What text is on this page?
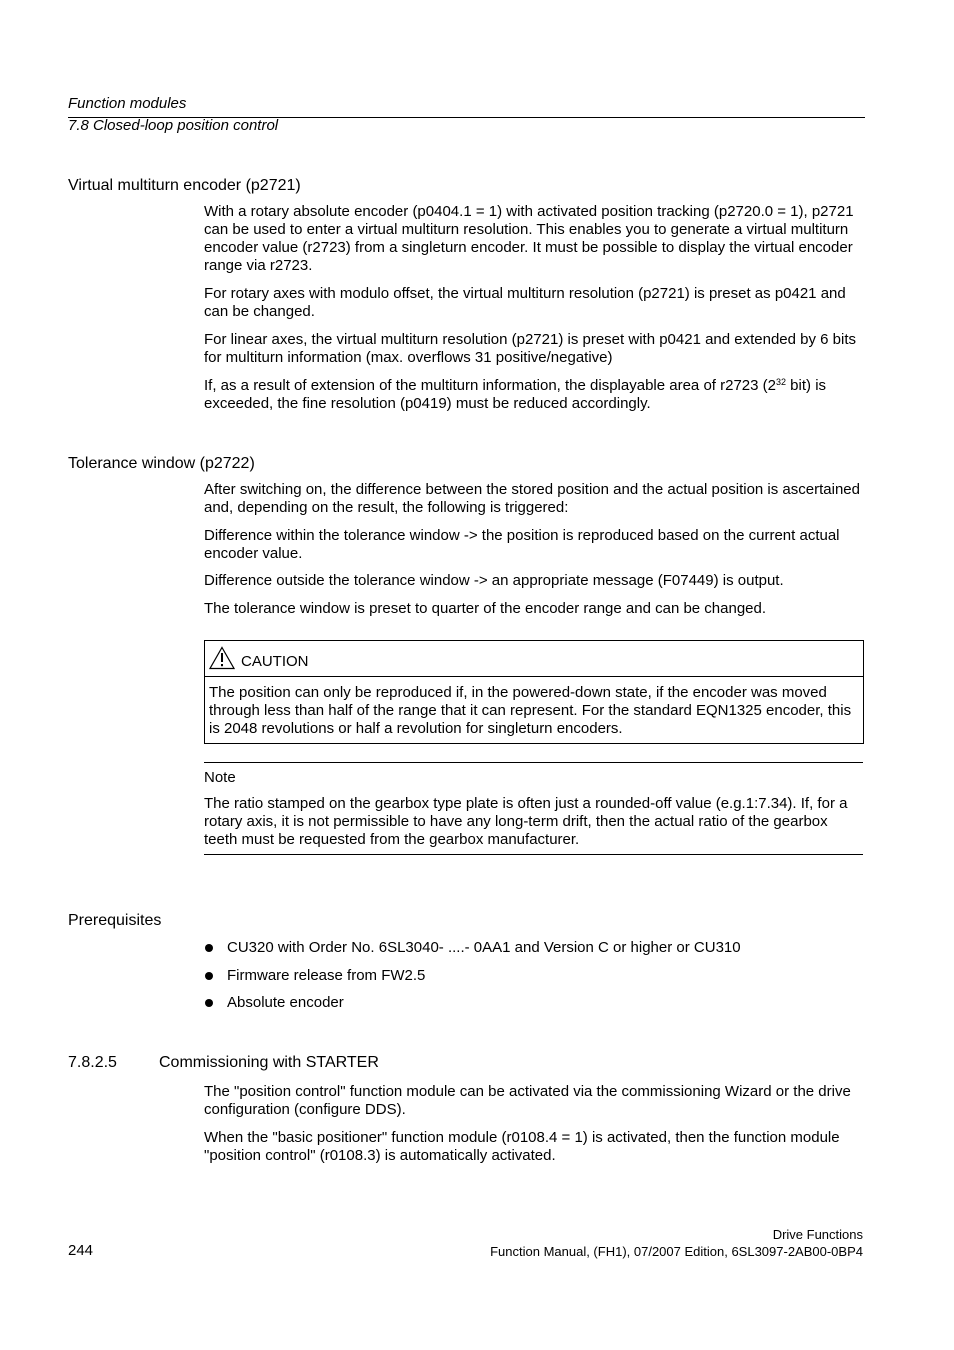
Function modules
7.8 Closed-loop position control
Virtual multiturn encoder (p2721)

With a rotary absolute encoder (p0404.1 = 1) with activated position tracking (p2720.0 = 1), p2721 can be used to enter a virtual multiturn resolution. This enables you to generate a virtual multiturn encoder value (r2723) from a singleturn encoder. It must be possible to display the virtual encoder range via r2723.

For rotary axes with modulo offset, the virtual multiturn resolution (p2721) is preset as p0421 and can be changed.

For linear axes, the virtual multiturn resolution (p2721) is preset with p0421 and extended by 6 bits for multiturn information (max. overflows 31 positive/negative)

If, as a result of extension of the multiturn information, the displayable area of r2723 ($2^{32}$ bit) is exceeded, the fine resolution (p0419) must be reduced accordingly.

Tolerance window (p2722)

After switching on, the difference between the stored position and the actual position is ascertained and, depending on the result, the following is triggered:

Difference within the tolerance window -> the position is reproduced based on the current actual encoder value.

Difference outside the tolerance window -> an appropriate message (F07449) is output.

The tolerance window is preset to quarter of the encoder range and can be changed.

CAUTION
The position can only be reproduced if, in the powered-down state, if the encoder was moved through less than half of the range that it can represent. For the standard EQN1325 encoder, this is 2048 revolutions or half a revolution for singleturn encoders.
Note

The ratio stamped on the gearbox type plate is often just a rounded-off value (e.g.1:7.34). If, for a rotary axis, it is not permissible to have any long-term drift, then the actual ratio of the gearbox teeth must be requested from the gearbox manufacturer.

Prerequisites
CU320 with Order No. 6SL3040- ....- 0AA1 and Version C or higher or CU310
Firmware release from FW2.5
Absolute encoder
7.8.2.5	Commissioning with STARTER

The "position control" function module can be activated via the commissioning Wizard or the drive configuration (configure DDS).

When the "basic positioner" function module (r0108.4 = 1) is activated, then the function module "position control" (r0108.3) is automatically activated.

244
Drive Functions
Function Manual, (FH1), 07/2007 Edition, 6SL3097-2AB00-0BP4
